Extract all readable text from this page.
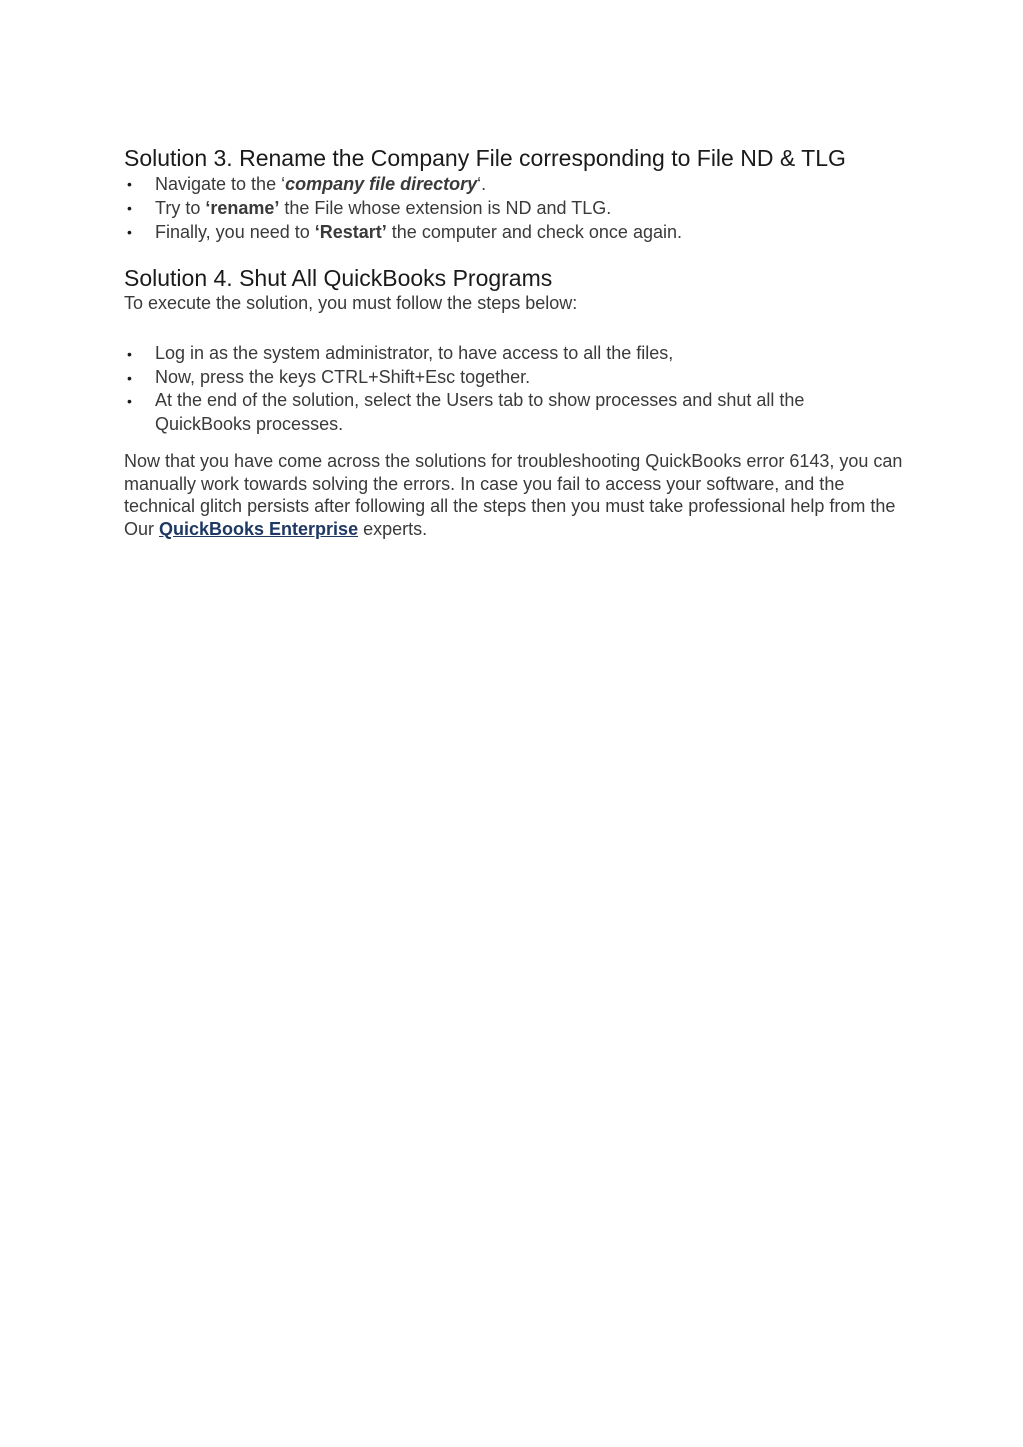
Solution 3. Rename the Company File corresponding to File ND & TLG
• Navigate to the ‘company file directory‘.
• Try to ‘rename’ the File whose extension is ND and TLG.
• Finally, you need to ‘Restart’ the computer and check once again.
Solution 4. Shut All QuickBooks Programs

To execute the solution, you must follow the steps below:

• Log in as the system administrator, to have access to all the files,
• Now, press the keys CTRL+Shift+Esc together.
• At the end of the solution, select the Users tab to show processes and shut all the QuickBooks processes.

Now that you have come across the solutions for troubleshooting QuickBooks error 6143, you can manually work towards solving the errors. In case you fail to access your software, and the technical glitch persists after following all the steps then you must take professional help from the Our QuickBooks Enterprise experts.
